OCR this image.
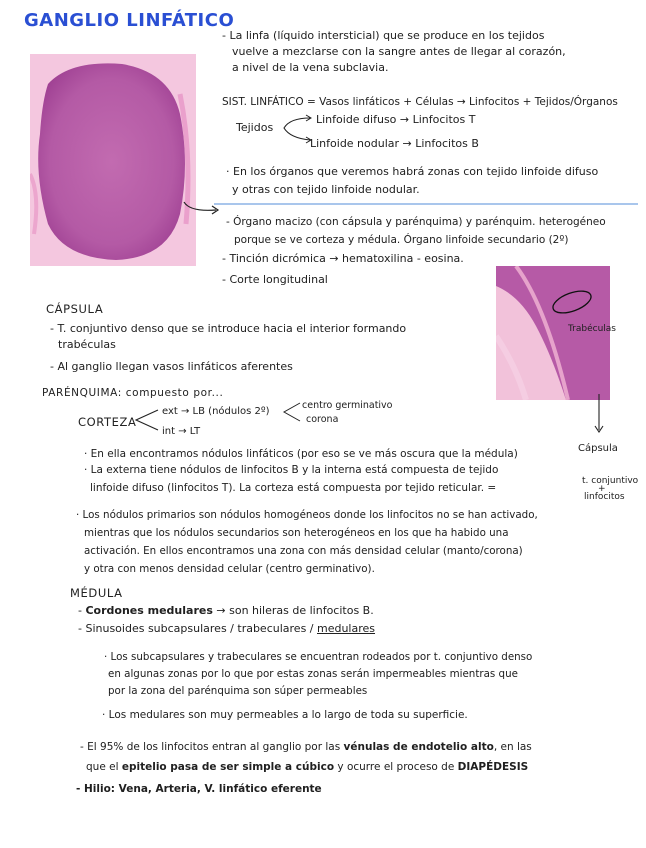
GANGLIO LINFÁTICO
- La linfa (líquido intersticial) que se produce en los tejidos
vuelve a mezclarse con la sangre antes de llegar al corazón,
a nivel de la vena subclavia.
SIST. LINFÁTICO = Vasos linfáticos + Células → Linfocitos + Tejidos/Órganos
Tejidos
Linfoide difuso → Linfocitos T
Linfoide nodular → Linfocitos B
· En los órganos que veremos habrá zonas con tejido linfoide difuso
y otras con tejido linfoide nodular.
- Órgano macizo (con cápsula y parénquima) y parénquim. heterogéneo
porque se ve corteza y médula. Órgano linfoide secundario (2º)
- Tinción dicrómica → hematoxilina - eosina.
- Corte longitudinal
Trabéculas
Cápsula
CÁPSULA
- T. conjuntivo denso que se introduce hacia el interior formando
trabéculas
- Al ganglio llegan vasos linfáticos aferentes
PARÉNQUIMA: compuesto por...
CORTEZA
ext → LB (nódulos 2º)
int → LT
centro germinativo
corona
· En ella encontramos nódulos linfáticos (por eso se ve más oscura que la médula)
· La externa tiene nódulos de linfocitos B y la interna está compuesta de tejido
linfoide difuso (linfocitos T). La corteza está compuesta por tejido reticular. =
t. conjuntivo
+
linfocitos
· Los nódulos primarios son nódulos homogéneos donde los linfocitos no se han activado,
mientras que los nódulos secundarios son heterogéneos en los que ha habido una
activación. En ellos encontramos una zona con más densidad celular (manto/corona)
y otra con menos densidad celular (centro germinativo).
MÉDULA
- Cordones medulares → son hileras de linfocitos B.
- Sinusoides subcapsulares / trabeculares / medulares
· Los subcapsulares y trabeculares se encuentran rodeados por t. conjuntivo denso
en algunas zonas por lo que por estas zonas serán impermeables mientras que
por la zona del parénquima son súper permeables
· Los medulares son muy permeables a lo largo de toda su superficie.
- El 95% de los linfocitos entran al ganglio por las vénulas de endotelio alto, en las
que el epitelio pasa de ser simple a cúbico y ocurre el proceso de DIAPÉDESIS
- Hilio: Vena, Arteria, V. linfático eferente
